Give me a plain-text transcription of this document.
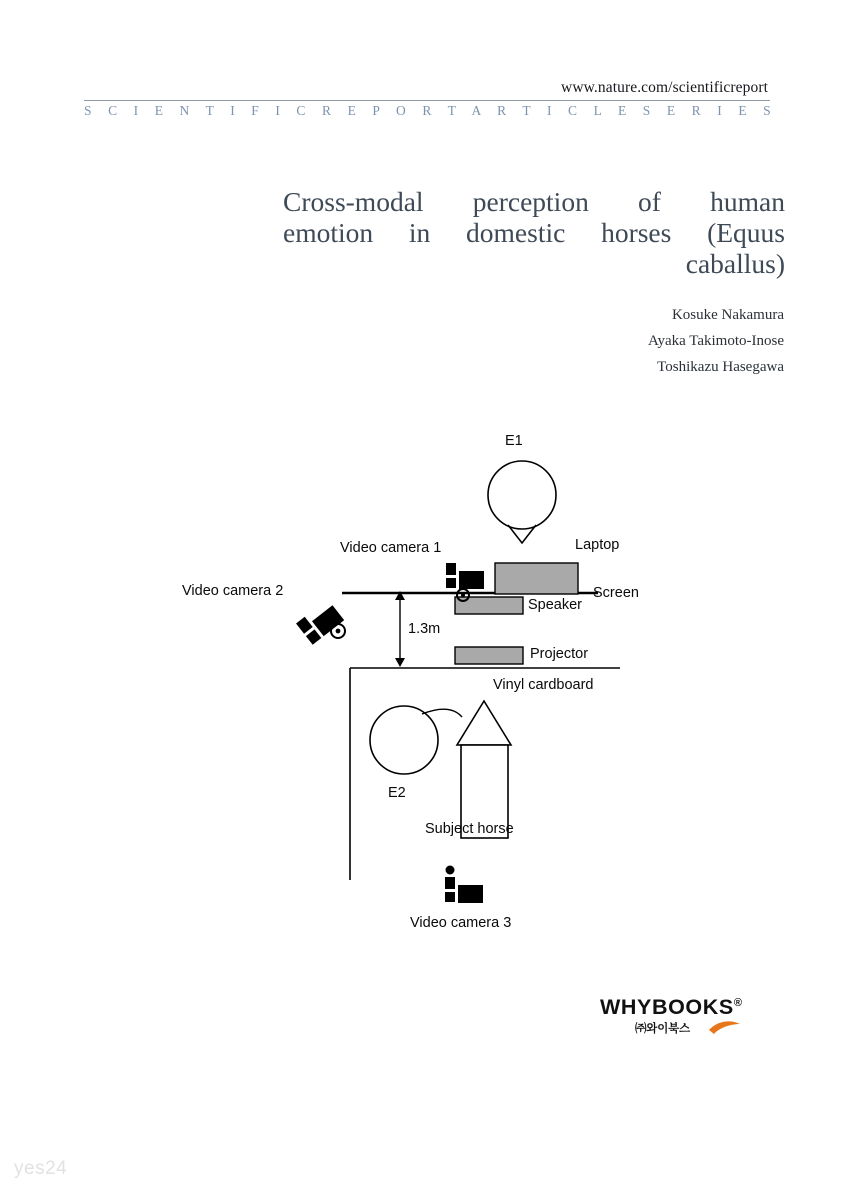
www.nature.com/scientificreport
S C I E N T I F I C R E P O R T A R T I C L E S E R I E S
Cross-modal perception of human
emotion in domestic horses (Equus
caballus)
Kosuke Nakamura
Ayaka Takimoto-Inose
Toshikazu Hasegawa
E1
Laptop
Screen
Speaker
Projector
Video camera 1
Video camera 2
Video camera 3
1.3m
Vinyl cardboard
E2
Subject horse
WHYBOOKS®
㈜와이북스
yes24
